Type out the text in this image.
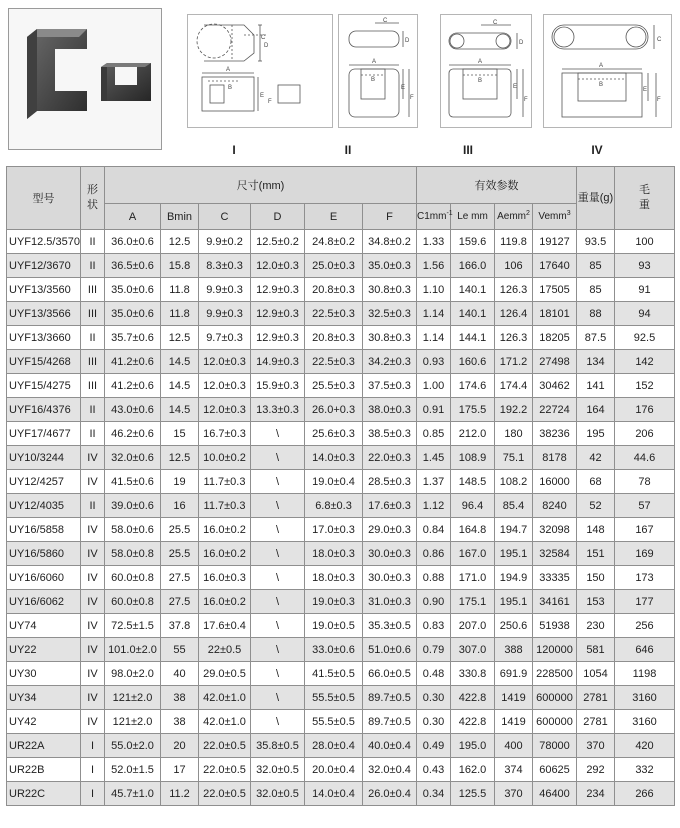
A
B
C
D
E
F
C
D
A
B
E
F
C
D
A
B
E
F
C
A
B
E
F
I	II	III	IV
型号	形状	尺寸(mm)						有效参数				重量(g)	毛重
		A	Bmin	C	D	E	F	$C1mm^{-1}$	Le mm	Aemm$^2$	Vemm$^3$
UYF12.5/3570	II	36.0±0.6	12.5	9.9±0.2	12.5±0.2	24.8±0.2	34.8±0.2	1.33	159.6	119.8	19127	93.5	100
UYF12/3670	II	36.5±0.6	15.8	8.3±0.3	12.0±0.3	25.0±0.3	35.0±0.3	1.56	166.0	106	17640	85	93
UYF13/3560	III	35.0±0.6	11.8	9.9±0.3	12.9±0.3	20.8±0.3	30.8±0.3	1.10	140.1	126.3	17505	85	91
UYF13/3566	III	35.0±0.6	11.8	9.9±0.3	12.9±0.3	22.5±0.3	32.5±0.3	1.14	140.1	126.4	18101	88	94
UYF13/3660	II	35.7±0.6	12.5	9.7±0.3	12.9±0.3	20.8±0.3	30.8±0.3	1.14	144.1	126.3	18205	87.5	92.5
UYF15/4268	III	41.2±0.6	14.5	12.0±0.3	14.9±0.3	22.5±0.3	34.2±0.3	0.93	160.6	171.2	27498	134	142
UYF15/4275	III	41.2±0.6	14.5	12.0±0.3	15.9±0.3	25.5±0.3	37.5±0.3	1.00	174.6	174.4	30462	141	152
UYF16/4376	II	43.0±0.6	14.5	12.0±0.3	13.3±0.3	26.0+0.3	38.0±0.3	0.91	175.5	192.2	22724	164	176
UYF17/4677	II	46.2±0.6	15	16.7±0.3	\	25.6±0.3	38.5±0.3	0.85	212.0	180	38236	195	206
UY10/3244	IV	32.0±0.6	12.5	10.0±0.2	\	14.0±0.3	22.0±0.3	1.45	108.9	75.1	8178	42	44.6
UY12/4257	IV	41.5±0.6	19	11.7±0.3	\	19.0±0.4	28.5±0.3	1.37	148.5	108.2	16000	68	78
UY12/4035	II	39.0±0.6	16	11.7±0.3	\	6.8±0.3	17.6±0.3	1.12	96.4	85.4	8240	52	57
UY16/5858	IV	58.0±0.6	25.5	16.0±0.2	\	17.0±0.3	29.0±0.3	0.84	164.8	194.7	32098	148	167
UY16/5860	IV	58.0±0.8	25.5	16.0±0.2	\	18.0±0.3	30.0±0.3	0.86	167.0	195.1	32584	151	169
UY16/6060	IV	60.0±0.8	27.5	16.0±0.3	\	18.0±0.3	30.0±0.3	0.88	171.0	194.9	33335	150	173
UY16/6062	IV	60.0±0.8	27.5	16.0±0.2	\	19.0±0.3	31.0±0.3	0.90	175.1	195.1	34161	153	177
UY74	IV	72.5±1.5	37.8	17.6±0.4	\	19.0±0.5	35.3±0.5	0.83	207.0	250.6	51938	230	256
UY22	IV	101.0±2.0	55	22±0.5	\	33.0±0.6	51.0±0.6	0.79	307.0	388	120000	581	646
UY30	IV	98.0±2.0	40	29.0±0.5	\	41.5±0.5	66.0±0.5	0.48	330.8	691.9	228500	1054	1198
UY34	IV	121±2.0	38	42.0±1.0	\	55.5±0.5	89.7±0.5	0.30	422.8	1419	600000	2781	3160
UY42	IV	121±2.0	38	42.0±1.0	\	55.5±0.5	89.7±0.5	0.30	422.8	1419	600000	2781	3160
UR22A	I	55.0±2.0	20	22.0±0.5	35.8±0.5	28.0±0.4	40.0±0.4	0.49	195.0	400	78000	370	420
UR22B	I	52.0±1.5	17	22.0±0.5	32.0±0.5	20.0±0.4	32.0±0.4	0.43	162.0	374	60625	292	332
UR22C	I	45.7±1.0	11.2	22.0±0.5	32.0±0.5	14.0±0.4	26.0±0.4	0.34	125.5	370	46400	234	266
